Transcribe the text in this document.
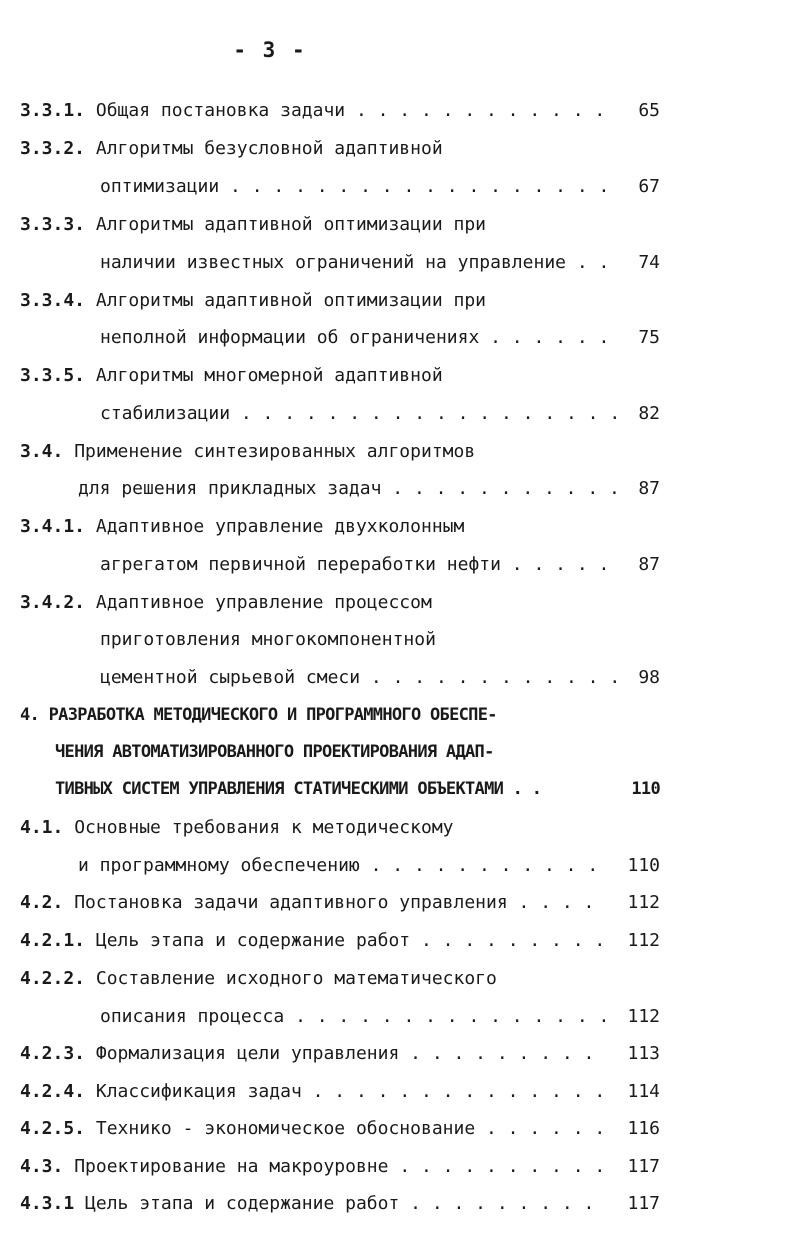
- 3 -
3.3.1. Общая постановка задачи . . . . . . . . . . . . 65
3.3.2. Алгоритмы безусловной адаптивной
оптимизации . . . . . . . . . . . . . . . . . . 67
3.3.3. Алгоритмы адаптивной оптимизации при
наличии известных ограничений на управление . . 74
3.3.4. Алгоритмы адаптивной оптимизации при
неполной информации об ограничениях . . . . . . 75
3.3.5. Алгоритмы многомерной адаптивной
стабилизации . . . . . . . . . . . . . . . . . . 82
3.4. Применение синтезированных алгоритмов
для решения прикладных задач . . . . . . . . . . . 87
3.4.1. Адаптивное управление двухколонным
агрегатом первичной переработки нефти . . . . . 87
3.4.2. Адаптивное управление процессом
приготовления многокомпонентной
цементной сырьевой смеси . . . . . . . . . . . . 98
4. РАЗРАБОТКА МЕТОДИЧЕСКОГО И ПРОГРАММНОГО ОБЕСПЕ-
ЧЕНИЯ АВТОМАТИЗИРОВАННОГО ПРОЕКТИРОВАНИЯ АДАП-
ТИВНЫХ СИСТЕМ УПРАВЛЕНИЯ СТАТИЧЕСКИМИ ОБЪЕКТАМИ . .	110
4.1. Основные требования к методическому
и программному обеспечению . . . . . . . . . . . 110
4.2. Постановка задачи адаптивного управления . . . . 112
4.2.1. Цель этапа и содержание работ . . . . . . . . . 112
4.2.2. Составление исходного математического
описания процесса . . . . . . . . . . . . . . . 112
4.2.3. Формализация цели управления . . . . . . . . . 113
4.2.4. Классификация задач . . . . . . . . . . . . . . 114
4.2.5. Технико - экономическое обоснование . . . . . . 116
4.3. Проектирование на макроуровне . . . . . . . . . . 117
4.3.1 Цель этапа и содержание работ . . . . . . . . . 117
